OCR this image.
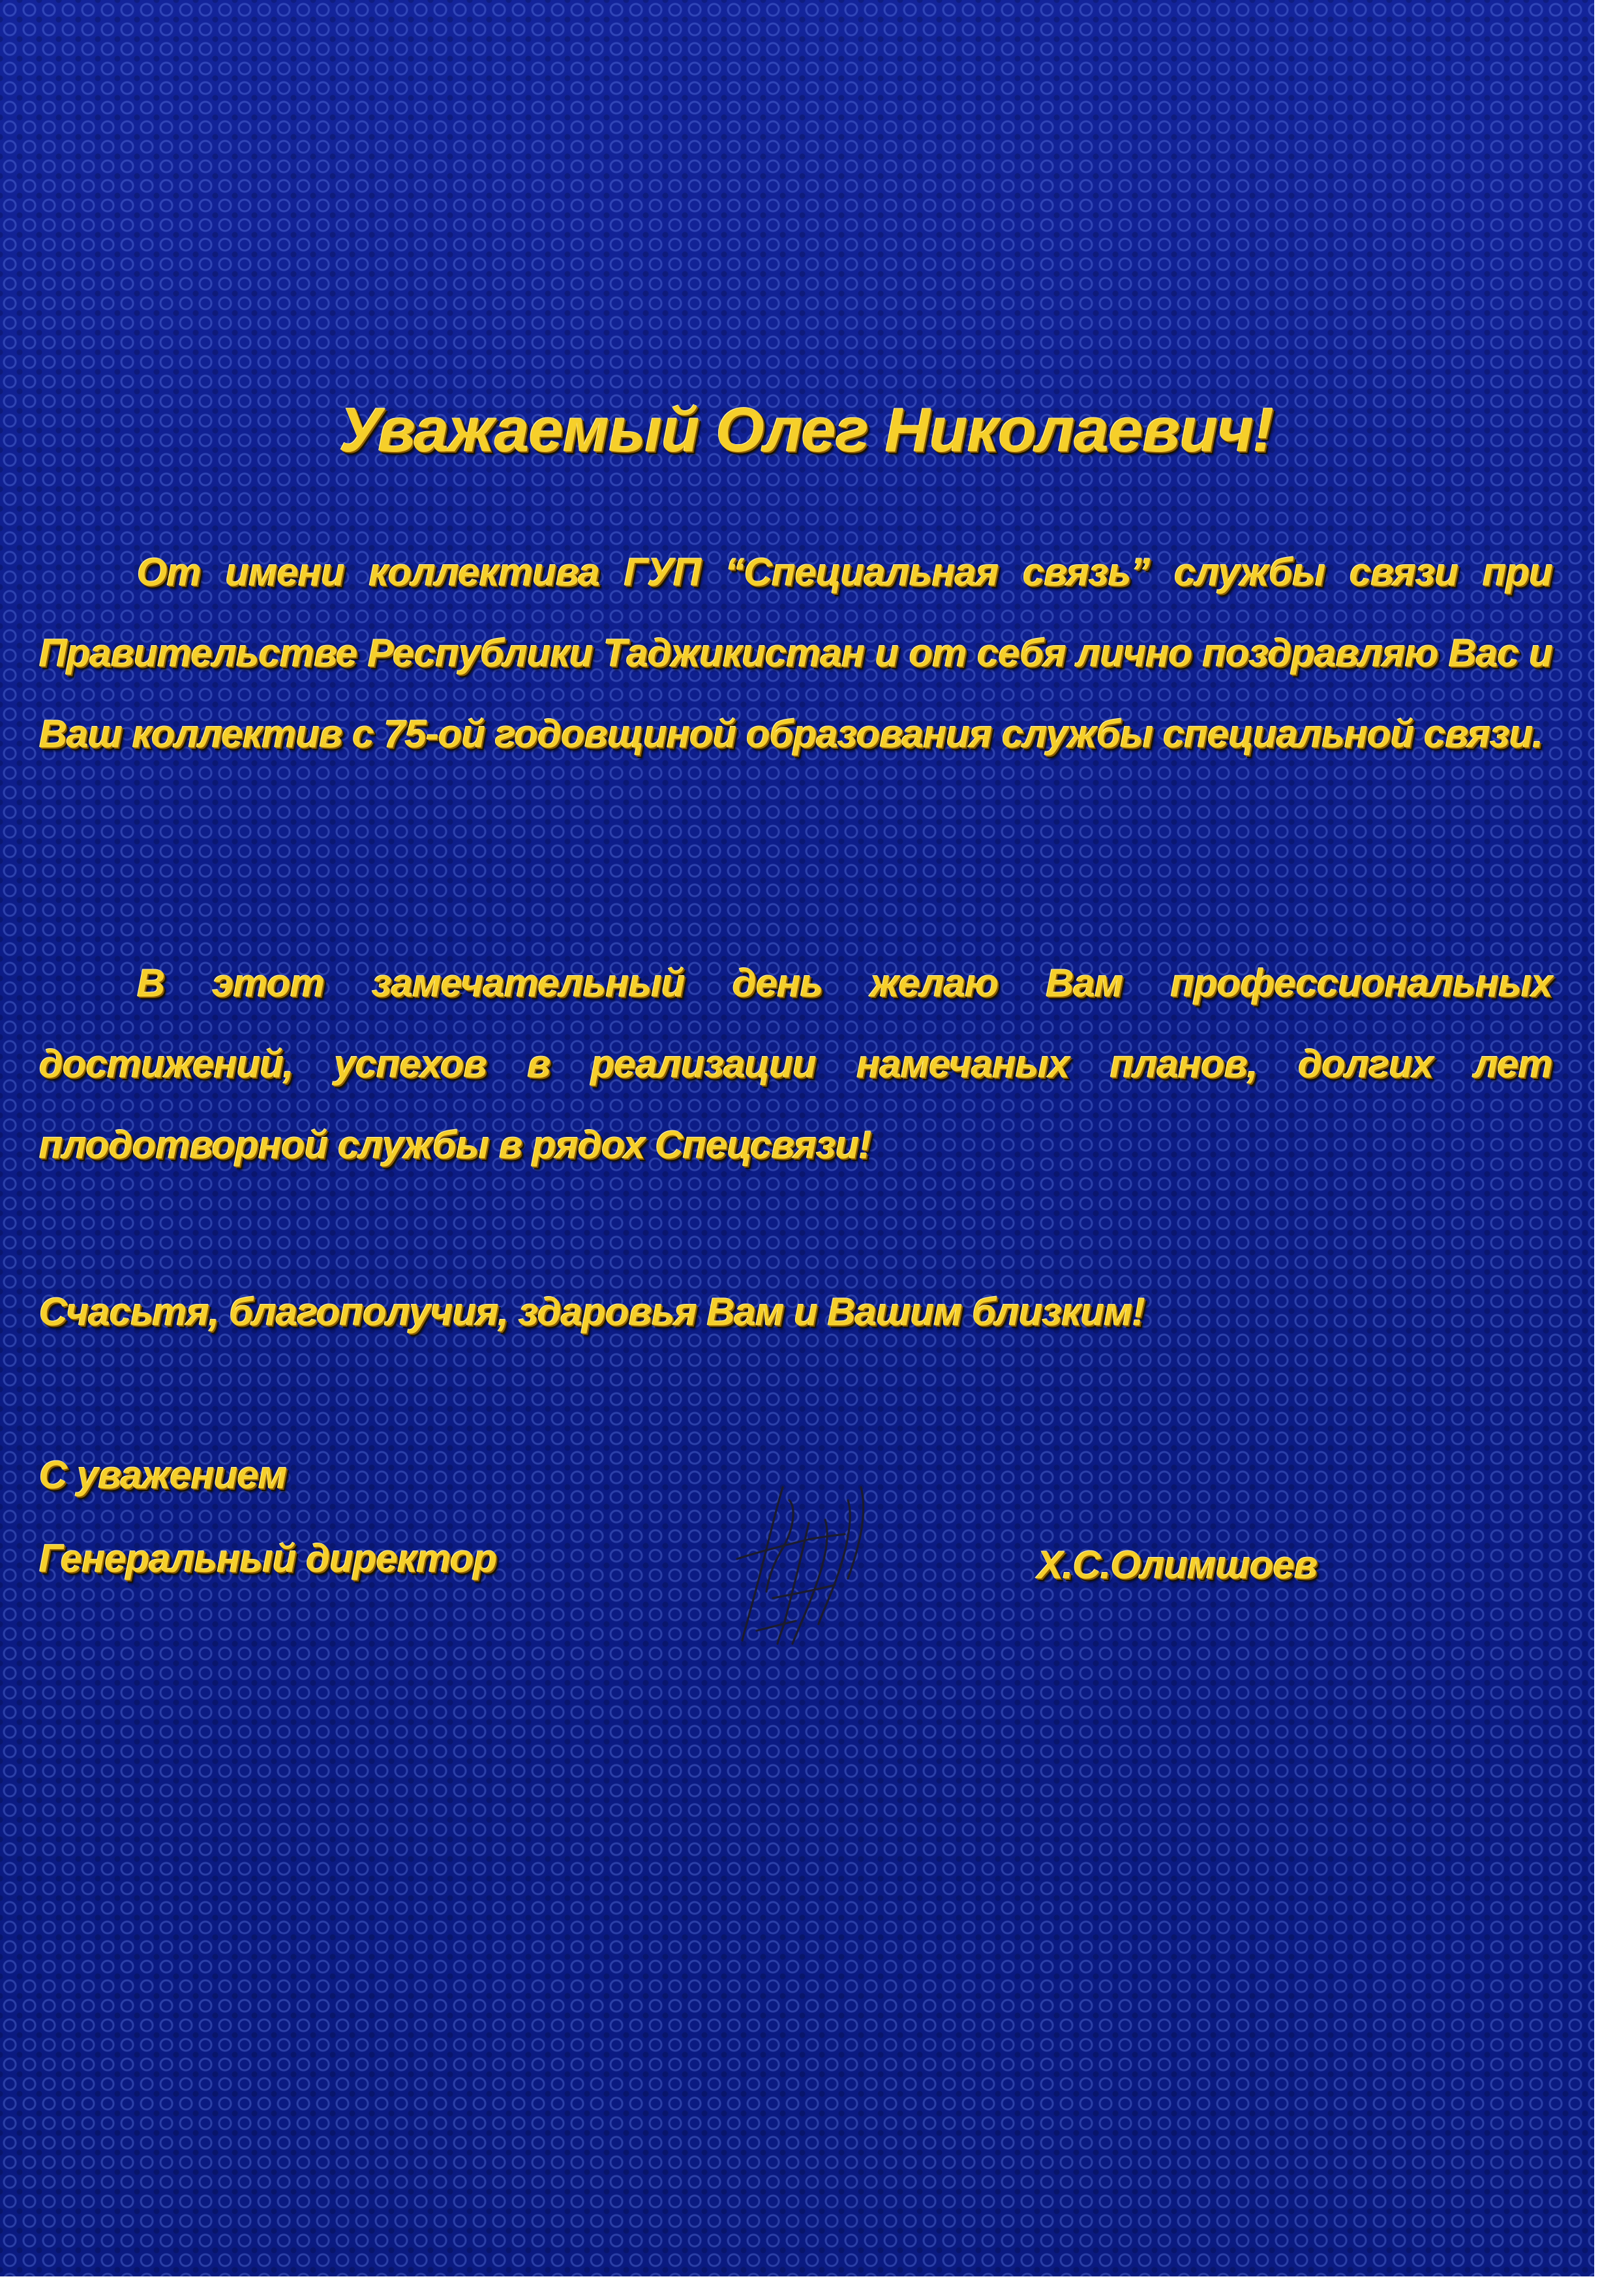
Уважаемый Олег Николаевич!
От имени коллектива ГУП “Специальная связь” службы связи при Правительстве Республики Таджикистан и от себя лично поздравляю Вас и Ваш коллектив с 75-ой годовщиной образования службы специальной связи.
В этот замечательный день желаю Вам профессиональных достижений, успехов в реализации намечаных планов, долгих лет плодотворной службы в рядох Спецсвязи!
Счасьтя, благополучия, здаровья Вам и Вашим близким!
С уважением
Генеральный директор	Х.С.Олимшоев
